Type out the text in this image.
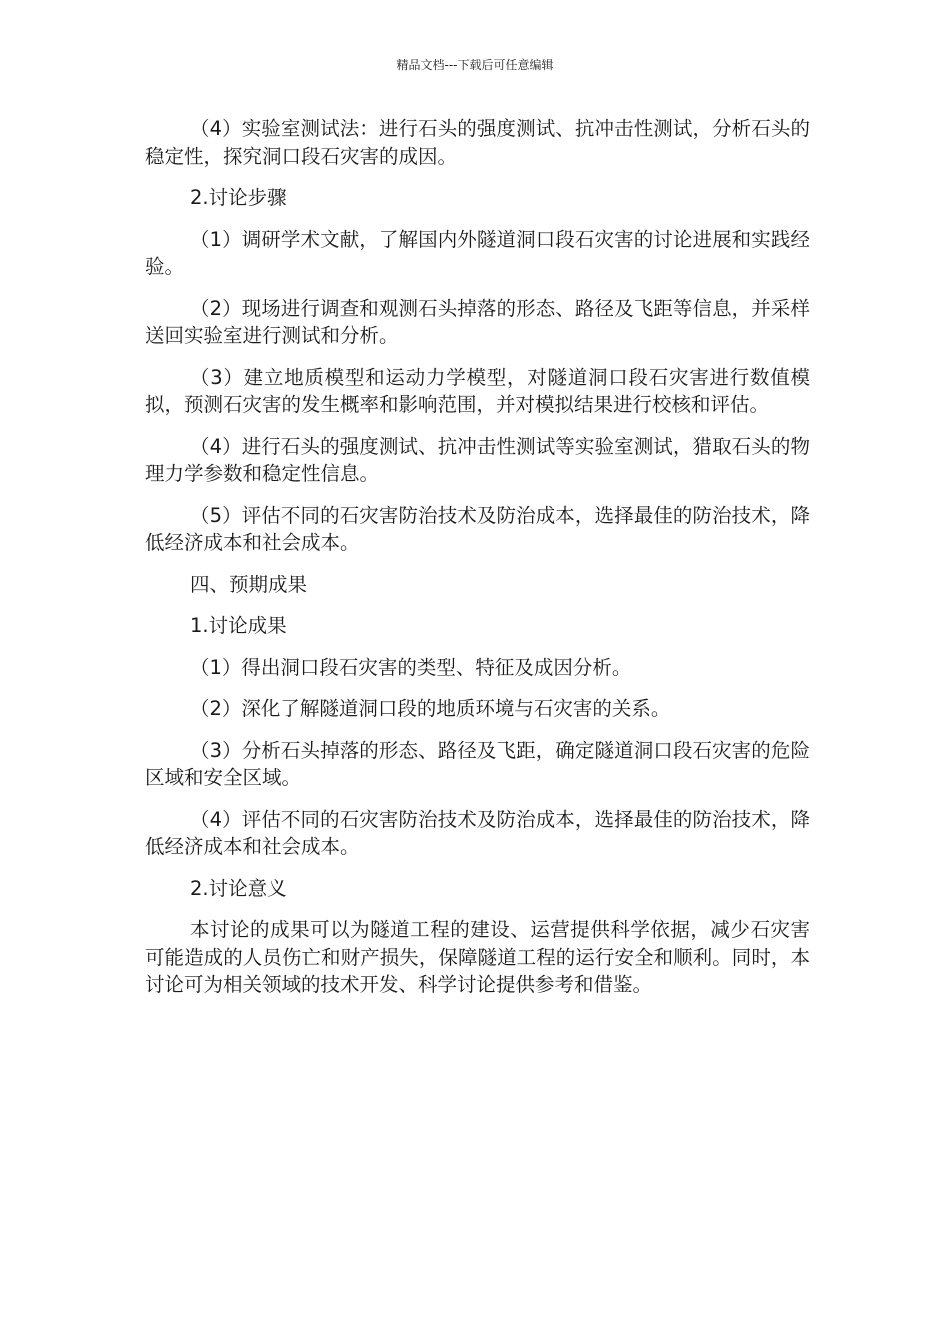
精品文档---下载后可任意编辑

（4）实验室测试法：进行石头的强度测试、抗冲击性测试，分析石头的稳定性，探究洞口段石灾害的成因。

2.讨论步骤

（1）调研学术文献，了解国内外隧道洞口段石灾害的讨论进展和实践经验。

（2）现场进行调查和观测石头掉落的形态、路径及飞距等信息，并采样送回实验室进行测试和分析。

（3）建立地质模型和运动力学模型，对隧道洞口段石灾害进行数值模拟，预测石灾害的发生概率和影响范围，并对模拟结果进行校核和评估。

（4）进行石头的强度测试、抗冲击性测试等实验室测试，猎取石头的物理力学参数和稳定性信息。

（5）评估不同的石灾害防治技术及防治成本，选择最佳的防治技术，降低经济成本和社会成本。

四、预期成果

1.讨论成果

（1）得出洞口段石灾害的类型、特征及成因分析。

（2）深化了解隧道洞口段的地质环境与石灾害的关系。

（3）分析石头掉落的形态、路径及飞距，确定隧道洞口段石灾害的危险区域和安全区域。

（4）评估不同的石灾害防治技术及防治成本，选择最佳的防治技术，降低经济成本和社会成本。

2.讨论意义

本讨论的成果可以为隧道工程的建设、运营提供科学依据，减少石灾害可能造成的人员伤亡和财产损失，保障隧道工程的运行安全和顺利。同时，本讨论可为相关领域的技术开发、科学讨论提供参考和借鉴。
